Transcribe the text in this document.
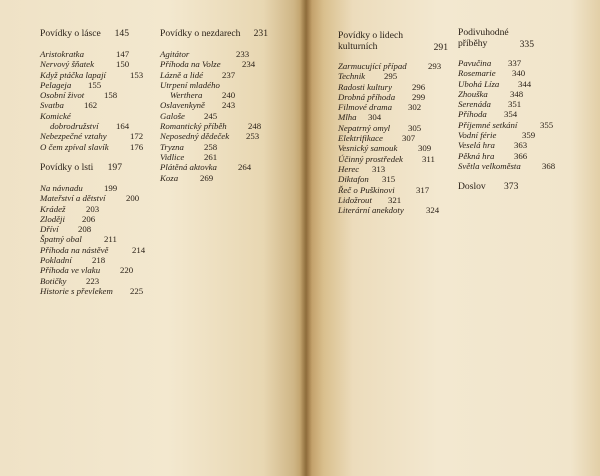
Povídky o lásce	145
Aristokratka	147
Nervový šňatek	150
Když ptáčka lapají	153
Pelageja 155
Osobní život 158
Svatba 162
Komické
dobrodružství	164
Nebezpečné vztahy	172
O čem zpíval slavík 176
Povídky o lsti	197
Na návnadu 199
Mateřství a dětství 200
Krádež 203
Zloději 206
Dříví 208
Špatný obal	211
Příhoda na nástěvě	214
Pokladní 218
Příhoda ve vlaku 220
Botičky 223
Historie s převlekem 225
Povídky o nezdarech	231
Agitátor	233
Příhoda na Volze 234
Lázně a lidé 237
Utrpení mladého
Werthera	240
Oslavenkyně 243
Galoše 245
Romantický příběh 248
Neposedný dědeček 253
Tryzna 258
Vidlice 261
Plátěná aktovka 264
Koza 269
Povídky o lidech
kulturních	291
Zarmucující případ 293
Technik 295
Radosti kultury 296
Drobná příhoda 299
Filmové drama 302
Mlha 304
Nepatrný omyl 305
Elektrifikace 307
Vesnický samouk 309
Účinný prostředek 311
Herec 313
Diktafon 315
Řeč o Puškinovi 317
Lidožrout 321
Literární anekdoty	324
Podivuhodné
příběhy	335
Pavučina 337
Rosemarie 340
Ubohá Líza 344
Zhouška	348
Serenáda 351
Příhoda 354
Příjemné setkání	355
Vodní férie	359
Veselá hra 363
Pěkná hra 366
Světla velkoměsta 368
Doslov 373
